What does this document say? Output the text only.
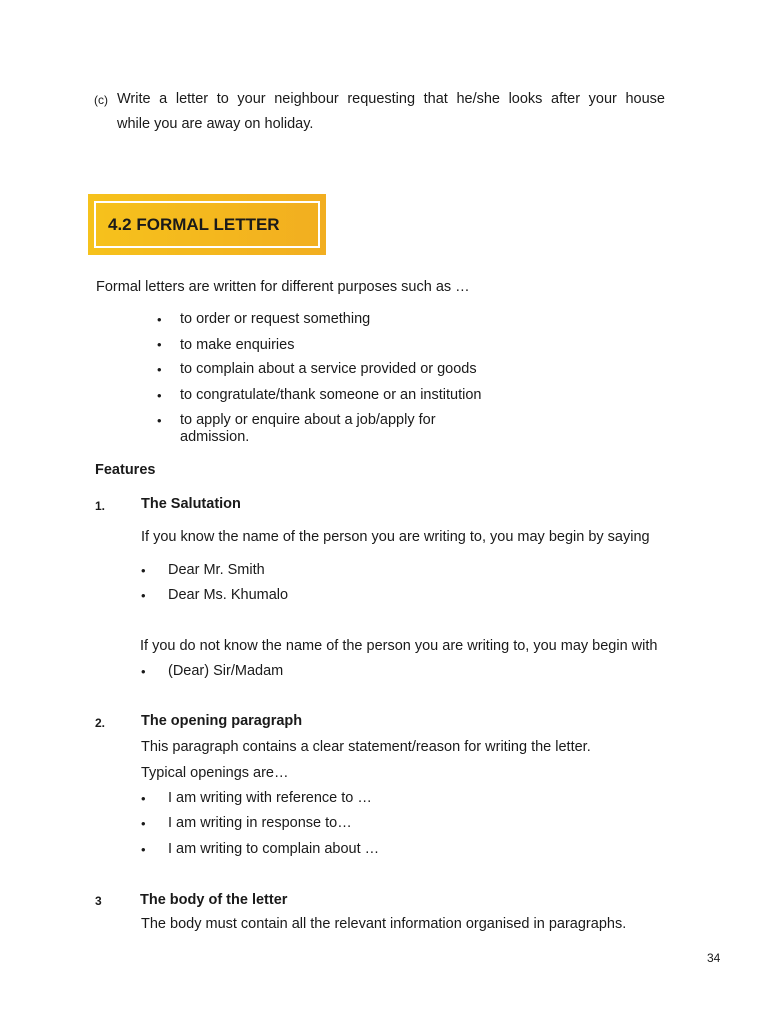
(c) Write a letter to your neighbour requesting that he/she looks after your house
while you are away on holiday.
4.2 FORMAL LETTER
Formal letters are written for different purposes such as …
• to order or request something
• to make enquiries
• to complain about a service provided or goods
• to congratulate/thank someone or an institution
• to apply or enquire about a job/apply for
admission.
Features
1. The Salutation
If you know the name of the person you are writing to, you may begin by saying
• Dear Mr. Smith
• Dear Ms. Khumalo
If you do not know the name of the person you are writing to, you may begin with
• (Dear) Sir/Madam
2. The opening paragraph
This paragraph contains a clear statement/reason for writing the letter.
Typical openings are…
• I am writing with reference to …
• I am writing in response to…
• I am writing to complain about …
3	The body of the letter
The body must contain all the relevant information organised in paragraphs.
34
